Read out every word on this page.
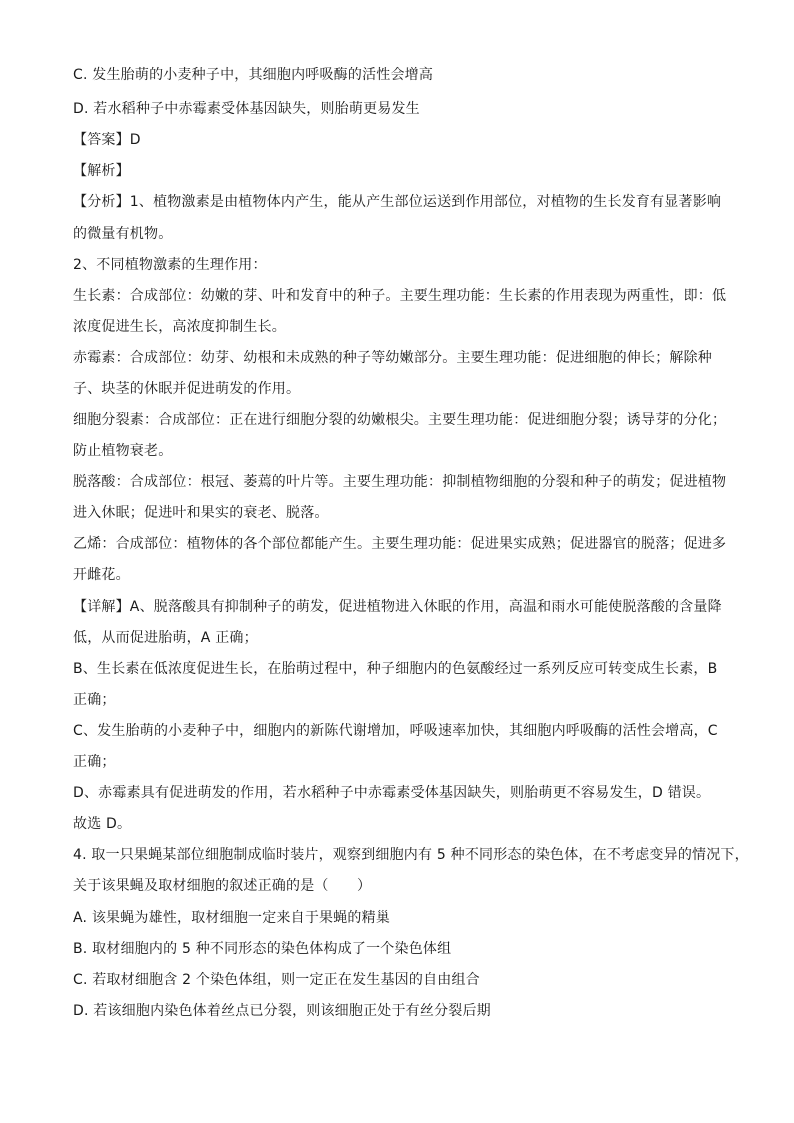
C. 发生胎萌的小麦种子中，其细胞内呼吸酶的活性会增高
D. 若水稻种子中赤霉素受体基因缺失，则胎萌更易发生
【答案】D
【解析】
【分析】1、植物激素是由植物体内产生，能从产生部位运送到作用部位，对植物的生长发育有显著影响
的微量有机物。
2、不同植物激素的生理作用：
生长素：合成部位：幼嫩的芽、叶和发育中的种子。主要生理功能：生长素的作用表现为两重性，即：低
浓度促进生长，高浓度抑制生长。
赤霉素：合成部位：幼芽、幼根和未成熟的种子等幼嫩部分。主要生理功能：促进细胞的伸长；解除种
子、块茎的休眠并促进萌发的作用。
细胞分裂素：合成部位：正在进行细胞分裂的幼嫩根尖。主要生理功能：促进细胞分裂；诱导芽的分化；
防止植物衰老。
脱落酸：合成部位：根冠、萎蔫的叶片等。主要生理功能：抑制植物细胞的分裂和种子的萌发；促进植物
进入休眠；促进叶和果实的衰老、脱落。
乙烯：合成部位：植物体的各个部位都能产生。主要生理功能：促进果实成熟；促进器官的脱落；促进多
开雌花。
【详解】A、脱落酸具有抑制种子的萌发，促进植物进入休眠的作用，高温和雨水可能使脱落酸的含量降
低，从而促进胎萌，A 正确；
B、生长素在低浓度促进生长，在胎萌过程中，种子细胞内的色氨酸经过一系列反应可转变成生长素，B
正确；
C、发生胎萌的小麦种子中，细胞内的新陈代谢增加，呼吸速率加快，其细胞内呼吸酶的活性会增高，C
正确；
D、赤霉素具有促进萌发的作用，若水稻种子中赤霉素受体基因缺失，则胎萌更不容易发生，D 错误。
故选 D。
4. 取一只果蝇某部位细胞制成临时装片，观察到细胞内有 5 种不同形态的染色体，在不考虑变异的情况下，
关于该果蝇及取材细胞的叙述正确的是（　　）
A. 该果蝇为雄性，取材细胞一定来自于果蝇的精巢
B. 取材细胞内的 5 种不同形态的染色体构成了一个染色体组
C. 若取材细胞含 2 个染色体组，则一定正在发生基因的自由组合
D. 若该细胞内染色体着丝点已分裂，则该细胞正处于有丝分裂后期
